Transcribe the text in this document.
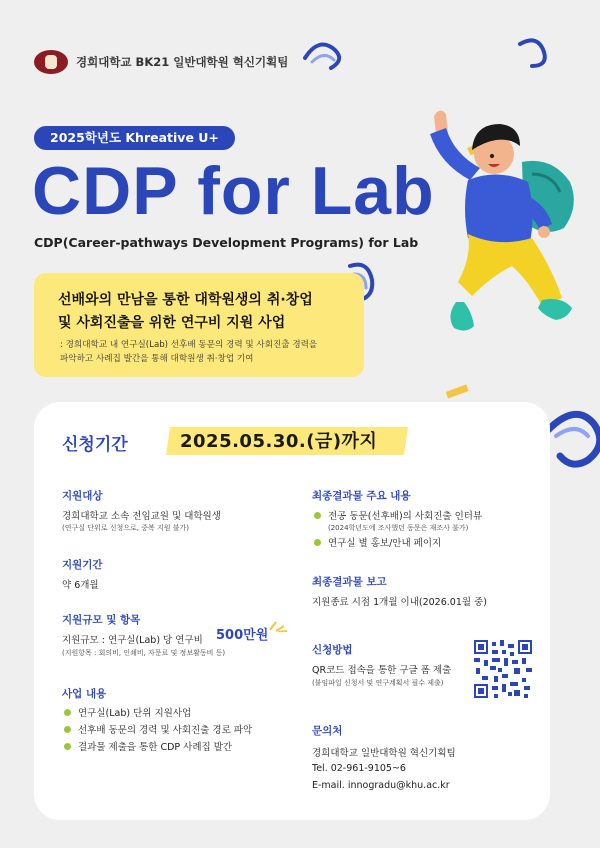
경희대학교 BK21 일반대학원 혁신기획팀
2025학년도 Khreative U+
CDP for Lab
CDP(Career-pathways Development Programs) for Lab
선배와의 만남을 통한 대학원생의 취·창업
및 사회진출을 위한 연구비 지원 사업
: 경희대학교 내 연구실(Lab) 선후배 동문의 경력 및 사회진출 경력을
파악하고 사례집 발간을 통해 대학원생 취·창업 기여
신청기간	2025.05.30.(금)까지
지원대상
경희대학교 소속 전임교원 및 대학원생
(연구실 단위로 신청으로, 중복 지원 불가)
지원기간
약 6개월
지원규모 및 항목
지원규모 : 연구실(Lab) 당 연구비 500만원
(지원항목 : 회의비, 인쇄비, 자문료 및 정보활동비 등)
사업 내용
연구실(Lab) 단위 지원사업
선후배 동문의 경력 및 사회진출 경로 파악
결과물 제출을 통한 CDP 사례집 발간
최종결과물 주요 내용
전공 동문(선후배)의 사회진출 인터뷰
(2024학년도에 조사했던 동문은 재조사 불가)
연구실 별 홍보/안내 페이지
최종결과물 보고
지원종료 시점 1개월 이내(2026.01월 중)
신청방법
QR코드 접속을 통한 구글 폼 제출
(붙임파일 신청서 및 연구계획서 필수 제출)
문의처
경희대학교 일반대학원 혁신기획팀
Tel. 02-961-9105~6
E-mail. innogradu@khu.ac.kr
